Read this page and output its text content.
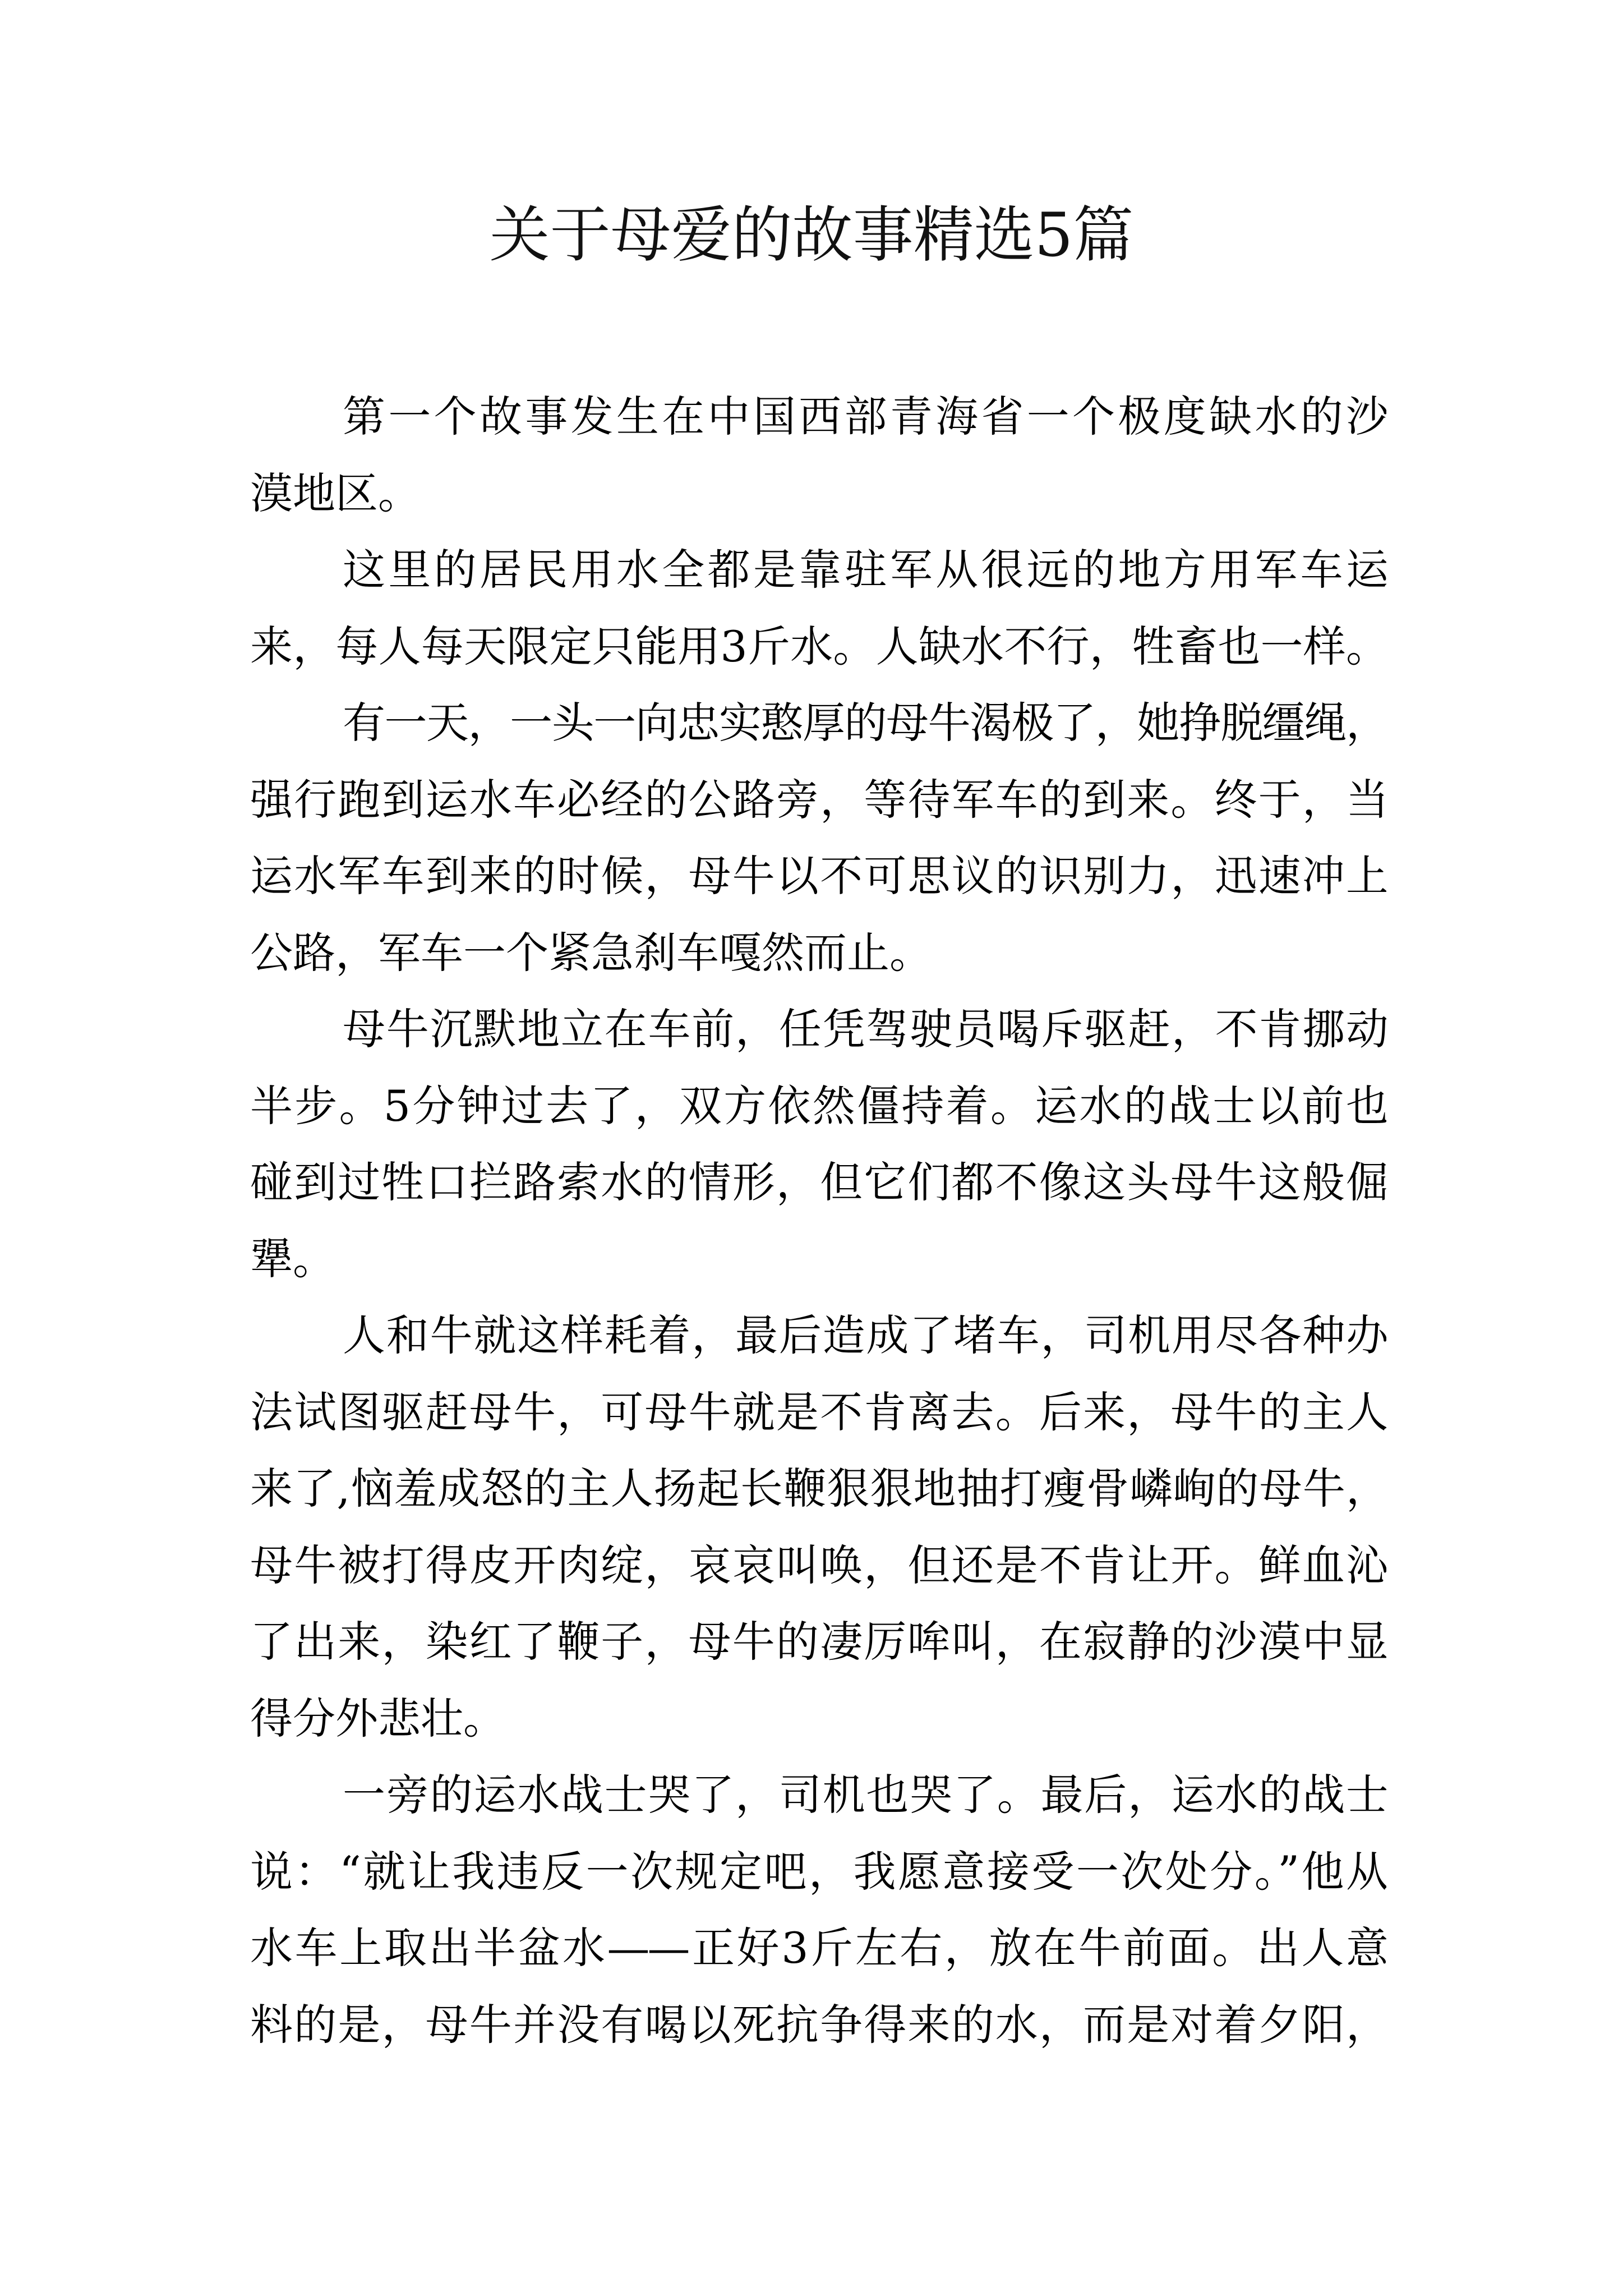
关于母爱的故事精选5篇
第一个故事发生在中国西部青海省一个极度缺水的沙
漠地区。
这里的居民用水全都是靠驻军从很远的地方用军车运
来，每人每天限定只能用3斤水。人缺水不行，牲畜也一样。
有一天，一头一向忠实憨厚的母牛渴极了，她挣脱缰绳，
强行跑到运水车必经的公路旁，等待军车的到来。终于，当
运水军车到来的时候，母牛以不可思议的识别力，迅速冲上
公路，军车一个紧急刹车嘎然而止。
母牛沉默地立在车前，任凭驾驶员喝斥驱赶，不肯挪动
半步。5分钟过去了，双方依然僵持着。运水的战士以前也
碰到过牲口拦路索水的情形，但它们都不像这头母牛这般倔
犟。
人和牛就这样耗着，最后造成了堵车，司机用尽各种办
法试图驱赶母牛，可母牛就是不肯离去。后来，母牛的主人
来了,恼羞成怒的主人扬起长鞭狠狠地抽打瘦骨嶙峋的母牛，
母牛被打得皮开肉绽，哀哀叫唤，但还是不肯让开。鲜血沁
了出来，染红了鞭子，母牛的凄厉哞叫，在寂静的沙漠中显
得分外悲壮。
一旁的运水战士哭了，司机也哭了。最后，运水的战士
说：“就让我违反一次规定吧，我愿意接受一次处分。”他从
水车上取出半盆水——正好3斤左右，放在牛前面。出人意
料的是，母牛并没有喝以死抗争得来的水，而是对着夕阳，
